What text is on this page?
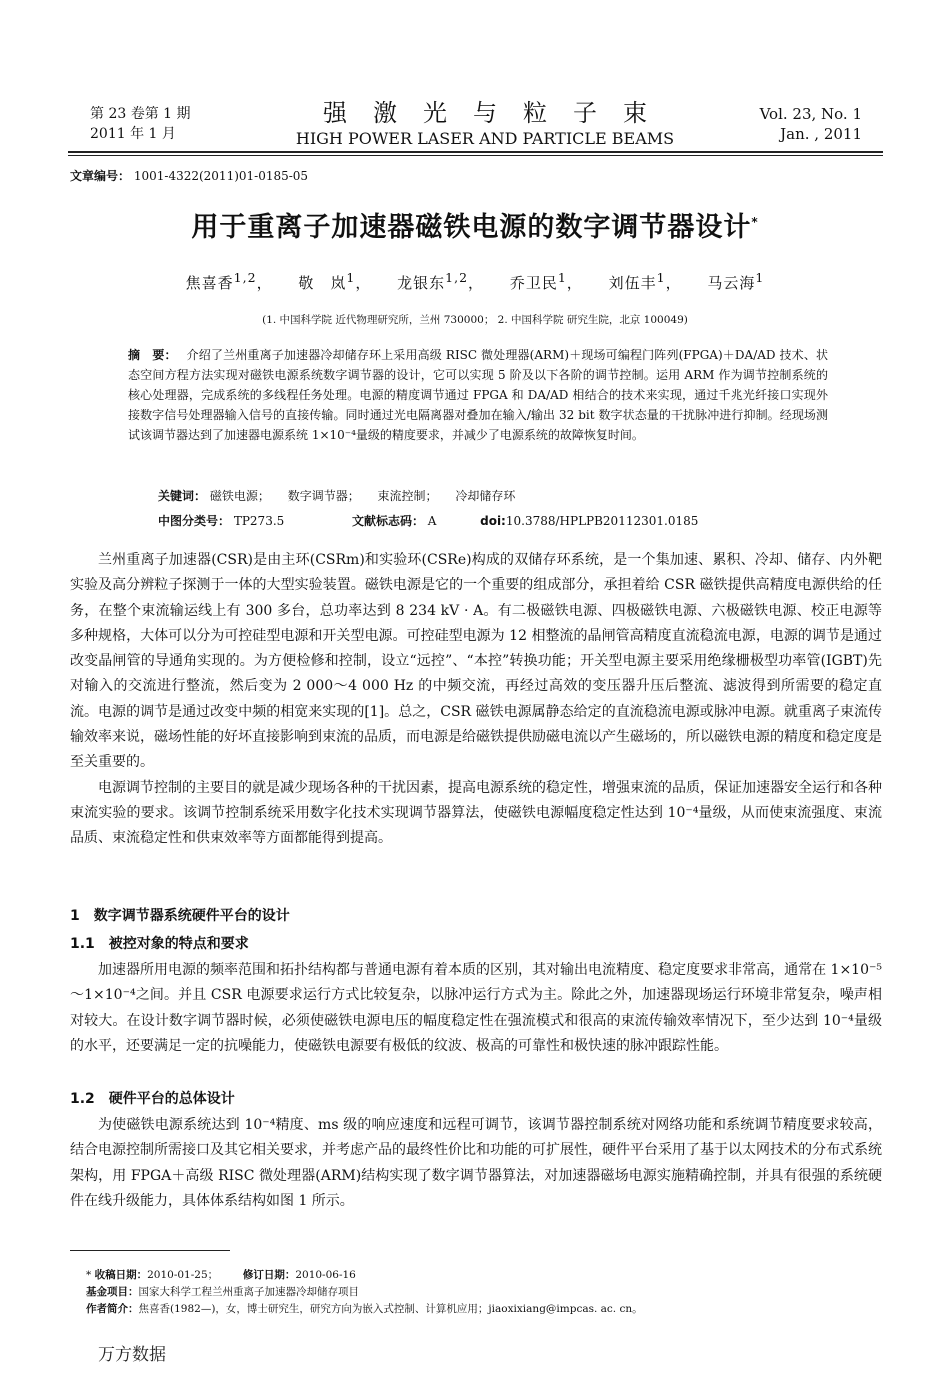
第 23 卷第 1 期
2011 年 1 月
强激光与粒子束
HIGH POWER LASER AND PARTICLE BEAMS
Vol. 23, No. 1
Jan. , 2011
文章编号： 1001-4322(2011)01-0185-05
用于重离子加速器磁铁电源的数字调节器设计*
焦喜香$^{1,2}$， 敬　岚$^1$， 龙银东$^{1,2}$， 乔卫民$^1$， 刘伍丰$^1$， 马云海$^1$
(1. 中国科学院 近代物理研究所，兰州 730000； 2. 中国科学院 研究生院，北京 100049)
摘　要： 介绍了兰州重离子加速器冷却储存环上采用高级 RISC 微处理器(ARM)＋现场可编程门阵列(FPGA)＋DA/AD 技术、状态空间方程方法实现对磁铁电源系统数字调节器的设计，它可以实现 5 阶及以下各阶的调节控制。运用 ARM 作为调节控制系统的核心处理器，完成系统的多线程任务处理。电源的精度调节通过 FPGA 和 DA/AD 相结合的技术来实现，通过千兆光纤接口实现外接数字信号处理器输入信号的直接传输。同时通过光电隔离器对叠加在输入/输出 32 bit 数字状态量的干扰脉冲进行抑制。经现场测试该调节器达到了加速器电源系统 1×10⁻⁴量级的精度要求，并减少了电源系统的故障恢复时间。
关键词： 磁铁电源； 数字调节器； 束流控制； 冷却储存环
中图分类号： TP273.5	文献标志码： A	doi:10.3788/HPLPB20112301.0185

兰州重离子加速器(CSR)是由主环(CSRm)和实验环(CSRe)构成的双储存环系统，是一个集加速、累积、冷却、储存、内外靶实验及高分辨粒子探测于一体的大型实验装置。磁铁电源是它的一个重要的组成部分，承担着给 CSR 磁铁提供高精度电源供给的任务，在整个束流输运线上有 300 多台，总功率达到 8 234 kV · A。有二极磁铁电源、四极磁铁电源、六极磁铁电源、校正电源等多种规格，大体可以分为可控硅型电源和开关型电源。可控硅型电源为 12 相整流的晶闸管高精度直流稳流电源，电源的调节是通过改变晶闸管的导通角实现的。为方便检修和控制，设立“远控”、“本控”转换功能；开关型电源主要采用绝缘栅极型功率管(IGBT)先对输入的交流进行整流，然后变为 2 000～4 000 Hz 的中频交流，再经过高效的变压器升压后整流、滤波得到所需要的稳定直流。电源的调节是通过改变中频的相宽来实现的[1]。总之，CSR 磁铁电源属静态给定的直流稳流电源或脉冲电源。就重离子束流传输效率来说，磁场性能的好坏直接影响到束流的品质，而电源是给磁铁提供励磁电流以产生磁场的，所以磁铁电源的精度和稳定度是至关重要的。

电源调节控制的主要目的就是减少现场各种的干扰因素，提高电源系统的稳定性，增强束流的品质，保证加速器安全运行和各种束流实验的要求。该调节控制系统采用数字化技术实现调节器算法，使磁铁电源幅度稳定性达到 10⁻⁴量级，从而使束流强度、束流品质、束流稳定性和供束效率等方面都能得到提高。

1　数字调节器系统硬件平台的设计
1.1　被控对象的特点和要求

加速器所用电源的频率范围和拓扑结构都与普通电源有着本质的区别，其对输出电流精度、稳定度要求非常高，通常在 1×10⁻⁵～1×10⁻⁴之间。并且 CSR 电源要求运行方式比较复杂，以脉冲运行方式为主。除此之外，加速器现场运行环境非常复杂，噪声相对较大。在设计数字调节器时候，必须使磁铁电源电压的幅度稳定性在强流模式和很高的束流传输效率情况下，至少达到 10⁻⁴量级的水平，还要满足一定的抗噪能力，使磁铁电源要有极低的纹波、极高的可靠性和极快速的脉冲跟踪性能。

1.2　硬件平台的总体设计

为使磁铁电源系统达到 10⁻⁴精度、ms 级的响应速度和远程可调节，该调节器控制系统对网络功能和系统调节精度要求较高，结合电源控制所需接口及其它相关要求，并考虑产品的最终性价比和功能的可扩展性，硬件平台采用了基于以太网技术的分布式系统架构，用 FPGA＋高级 RISC 微处理器(ARM)结构实现了数字调节器算法，对加速器磁场电源实施精确控制，并具有很强的系统硬件在线升级能力，具体体系结构如图 1 所示。

* 收稿日期：2010-01-25； 修订日期：2010-06-16
基金项目：国家大科学工程兰州重离子加速器冷却储存项目
作者简介：焦喜香(1982—)，女，博士研究生，研究方向为嵌入式控制、计算机应用；jiaoxixiang@impcas. ac. cn。
万方数据
